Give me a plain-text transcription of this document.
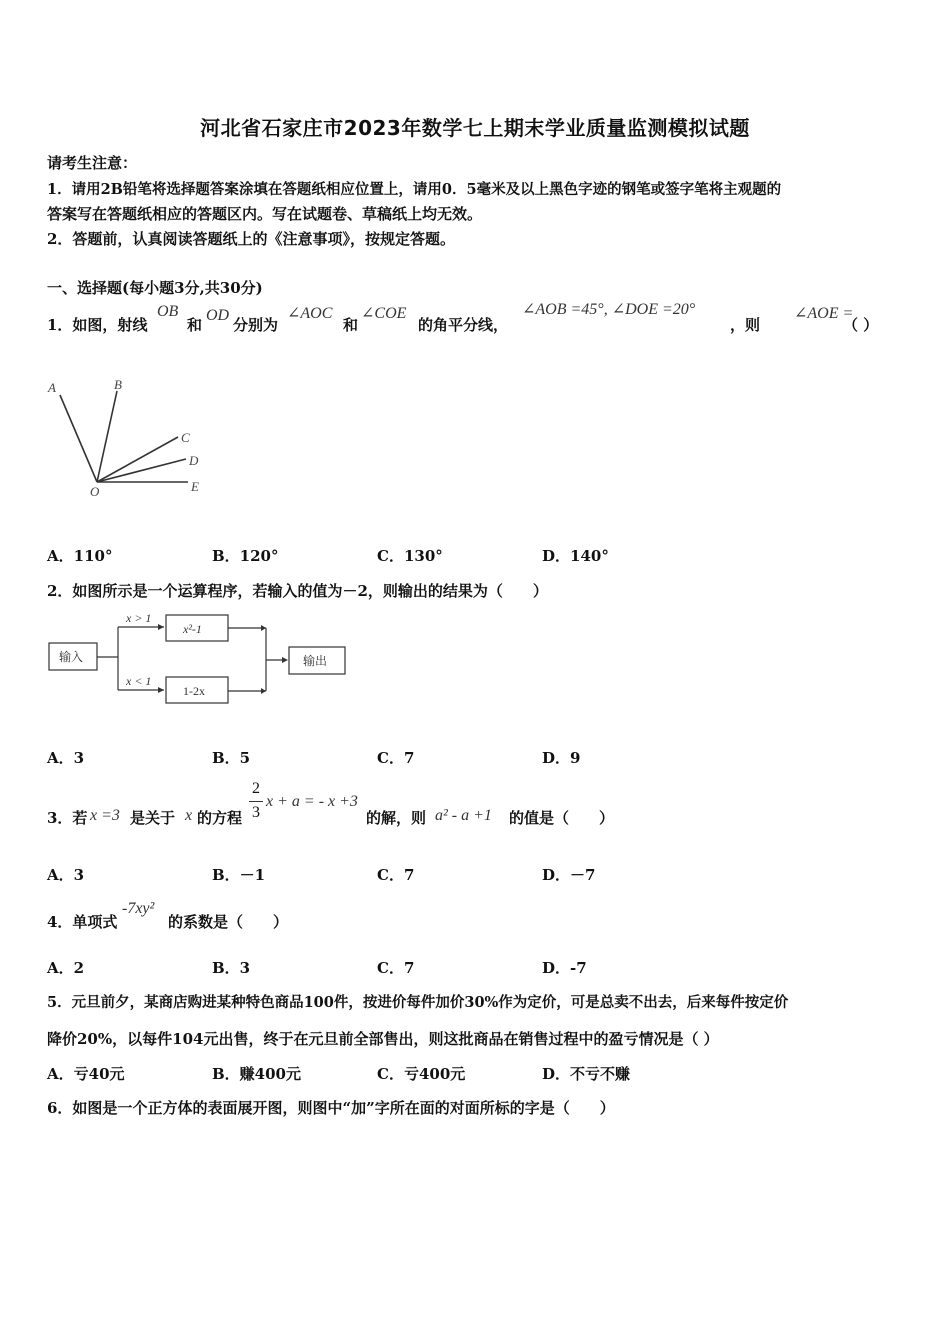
河北省石家庄市2023年数学七上期末学业质量监测模拟试题
请考生注意：
1．请用2B铅笔将选择题答案涂填在答题纸相应位置上，请用0．5毫米及以上黑色字迹的钢笔或签字笔将主观题的
答案写在答题纸相应的答题区内。写在试题卷、草稿纸上均无效。
2．答题前，认真阅读答题纸上的《注意事项》，按规定答题。
一、选择题(每小题3分,共30分)
1．如图，射线
OB
和
OD
分别为
∠AOC
和
∠COE
的角平分线，
∠AOB =45°, ∠DOE =20°
，则
∠AOE =
（ ）
A	B
C
D
E
O
A．110°	B．120°	C．130°	D．140°
2．如图所示是一个运算程序，若输入的值为－2，则输出的结果为（　　）
输入
x > 1
x²-1
x < 1
1-2x
输出
A．3	B．5	C．7	D．9
3．若 x =3 是关于 x 的方程
2
3
x + a = - x +3
的解，则 a² - a +1 的值是（　　）
A．3	B．－1	C．7	D．－7
4．单项式
-7xy²
的系数是（　　）
A．2	B．3	C．7	D．-7
5．元旦前夕，某商店购进某种特色商品100件，按进价每件加价30%作为定价，可是总卖不出去，后来每件按定价
降价20%，以每件104元出售，终于在元旦前全部售出，则这批商品在销售过程中的盈亏情况是（ ）
A．亏40元	B．赚400元	C．亏400元	D．不亏不赚
6．如图是一个正方体的表面展开图，则图中“加”字所在面的对面所标的字是（　　）
